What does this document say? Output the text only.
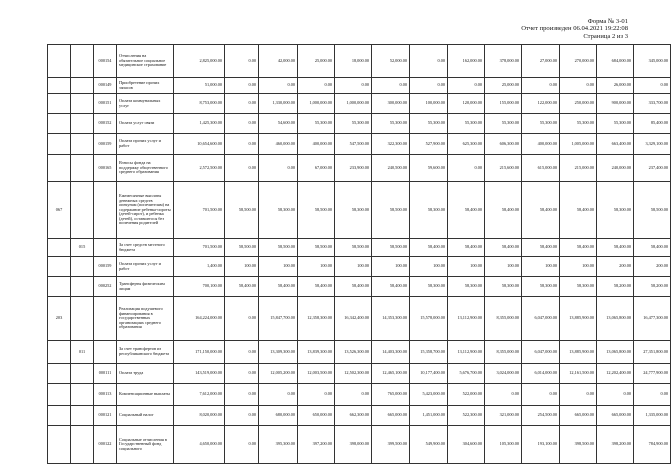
Форма № 3-01
Отчет произведен 06.04.2021 19:22:08
Страница 2 из 3
		000154	Отчисления на обязательное социальное медицинское страхование	2,825,000.00	0.00	42,000.00	25,000.00	18,000.00	52,000.00	0.00	162,000.00	378,000.00	27,000.00	270,000.00	684,000.00	345,000.00
		000149	Приобретение прочих запасов	51,000.00	0.00	0.00	0.00	0.00	0.00	0.00	0.00	25,000.00	0.00	0.00	26,000.00	0.00
		000151	Оплата коммунальных услуг	8,753,000.00	0.00	1,330,000.00	1,000,000.00	1,000,000.00	300,000.00	100,000.00	120,000.00	155,000.00	122,000.00	250,000.00	900,000.00	333,700.00
		000152	Оплата услуг связи	1,425,300.00	0.00	54,600.00	55,300.00	55,300.00	55,300.00	55,300.00	55,300.00	55,300.00	55,300.00	55,300.00	55,300.00	85,400.00
		000159	Оплата прочих услуг и работ	10,654,600.00	0.00	460,000.00	400,000.00	547,500.00	322,300.00	527,900.00	625,300.00	606,300.00	400,000.00	1,005,000.00	663,400.00	3,329,100.00
		000165	Взносы фонда на поддержку общественного среднего образования	2,572,500.00	0.00	0.00	67,000.00	233,900.00	240,500.00	59,600.00	0.00	215,600.00	615,000.00	215,000.00	240,000.00	237,400.00
067			Ежемесячные выплаты денежных средств опекунам (попечителям) на содержание ребенка-сироты (детей-сирот), и ребенка (детей), оставшегося без попечения родителей	701,500.00	58,500.00	58,300.00	58,500.00	58,300.00	58,500.00	58,300.00	58,400.00	58,400.00	58,400.00	58,400.00	58,300.00	58,500.00
	015		За счет средств местного бюджета	701,500.00	58,500.00	58,500.00	58,500.00	58,500.00	58,500.00	58,400.00	58,400.00	58,400.00	58,400.00	58,400.00	58,400.00	58,400.00
		000159	Оплата прочих услуг и работ	1,400.00	100.00	100.00	100.00	100.00	100.00	100.00	100.00	100.00	100.00	100.00	200.00	200.00
		000252	Трансферты физическим лицам	700,100.00	58,400.00	58,400.00	58,400.00	58,400.00	58,400.00	58,300.00	58,300.00	58,300.00	58,300.00	58,300.00	58,200.00	58,200.00
203			Реализация подушевого финансирования в государственных организациях среднего образования	164,224,000.00	0.00	15,847,700.00	12,358,300.00	16,342,400.00	14,353,300.00	15,578,000.00	13,112,900.00	8,355,000.00	6,047,000.00	13,885,900.00	13,065,800.00	16,477,300.00
	011		За счет трансфертов из республиканского бюджета	171,150,000.00	0.00	13,309,300.00	13,839,300.00	13,526,300.00	14,403,300.00	15,358,700.00	13,112,900.00	8,355,000.00	6,047,000.00	13,885,900.00	13,065,800.00	27,351,800.00
		000111	Оплата труда	143,519,000.00	0.00	12,005,200.00	12,003,500.00	12,502,300.00	12,465,100.00	10,177,400.00	5,676,700.00	3,024,000.00	6,014,000.00	12,161,500.00	12,202,400.00	24,777,900.00
		000113	Компенсационные выплаты	7,612,000.00	0.00	0.00	0.00	0.00	765,000.00	5,423,000.00	522,000.00	0.00	0.00	0.00	0.00	0.00
		000121	Социальный налог	8,020,000.00	0.00	680,000.00	650,000.00	662,300.00	665,000.00	1,451,000.00	522,300.00	321,000.00	254,500.00	665,000.00	665,000.00	1,335,000.00
		000122	Социальные отчисления в Государственный фонд социального	4,650,000.00	0.00	395,300.00	397,200.00	398,000.00	399,500.00	549,900.00	304,600.00	105,300.00	193,100.00	398,500.00	398,200.00	784,900.00
